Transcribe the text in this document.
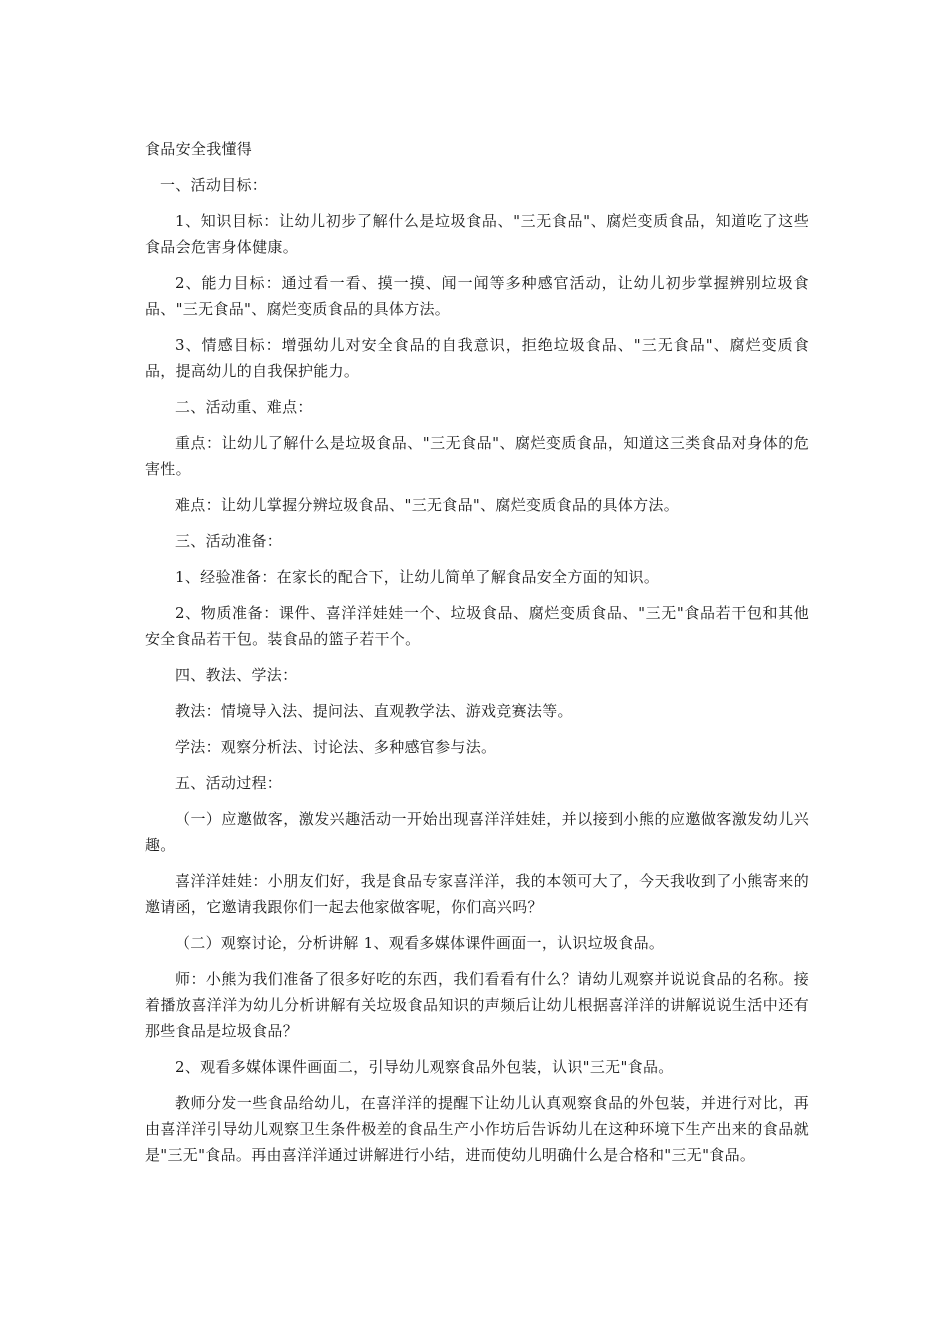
食品安全我懂得
一、活动目标：
1、知识目标：让幼儿初步了解什么是垃圾食品、"三无食品"、腐烂变质食品，知道吃了这些食品会危害身体健康。
2、能力目标：通过看一看、摸一摸、闻一闻等多种感官活动，让幼儿初步掌握辨别垃圾食品、"三无食品"、腐烂变质食品的具体方法。
3、情感目标：增强幼儿对安全食品的自我意识，拒绝垃圾食品、"三无食品"、腐烂变质食品，提高幼儿的自我保护能力。
二、活动重、难点：
重点：让幼儿了解什么是垃圾食品、"三无食品"、腐烂变质食品，知道这三类食品对身体的危害性。
难点：让幼儿掌握分辨垃圾食品、"三无食品"、腐烂变质食品的具体方法。
三、活动准备：
1、经验准备：在家长的配合下，让幼儿简单了解食品安全方面的知识。
2、物质准备：课件、喜洋洋娃娃一个、垃圾食品、腐烂变质食品、"三无"食品若干包和其他安全食品若干包。装食品的篮子若干个。
四、教法、学法：
教法：情境导入法、提问法、直观教学法、游戏竞赛法等。
学法：观察分析法、讨论法、多种感官参与法。
五、活动过程：
（一）应邀做客，激发兴趣活动一开始出现喜洋洋娃娃，并以接到小熊的应邀做客激发幼儿兴趣。
喜洋洋娃娃：小朋友们好，我是食品专家喜洋洋，我的本领可大了，今天我收到了小熊寄来的邀请函，它邀请我跟你们一起去他家做客呢，你们高兴吗？
（二）观察讨论，分析讲解 1、观看多媒体课件画面一，认识垃圾食品。
师：小熊为我们准备了很多好吃的东西，我们看看有什么？请幼儿观察并说说食品的名称。接着播放喜洋洋为幼儿分析讲解有关垃圾食品知识的声频后让幼儿根据喜洋洋的讲解说说生活中还有那些食品是垃圾食品？
2、观看多媒体课件画面二，引导幼儿观察食品外包装，认识"三无"食品。
教师分发一些食品给幼儿，在喜洋洋的提醒下让幼儿认真观察食品的外包装，并进行对比，再由喜洋洋引导幼儿观察卫生条件极差的食品生产小作坊后告诉幼儿在这种环境下生产出来的食品就是"三无"食品。再由喜洋洋通过讲解进行小结，进而使幼儿明确什么是合格和"三无"食品。
